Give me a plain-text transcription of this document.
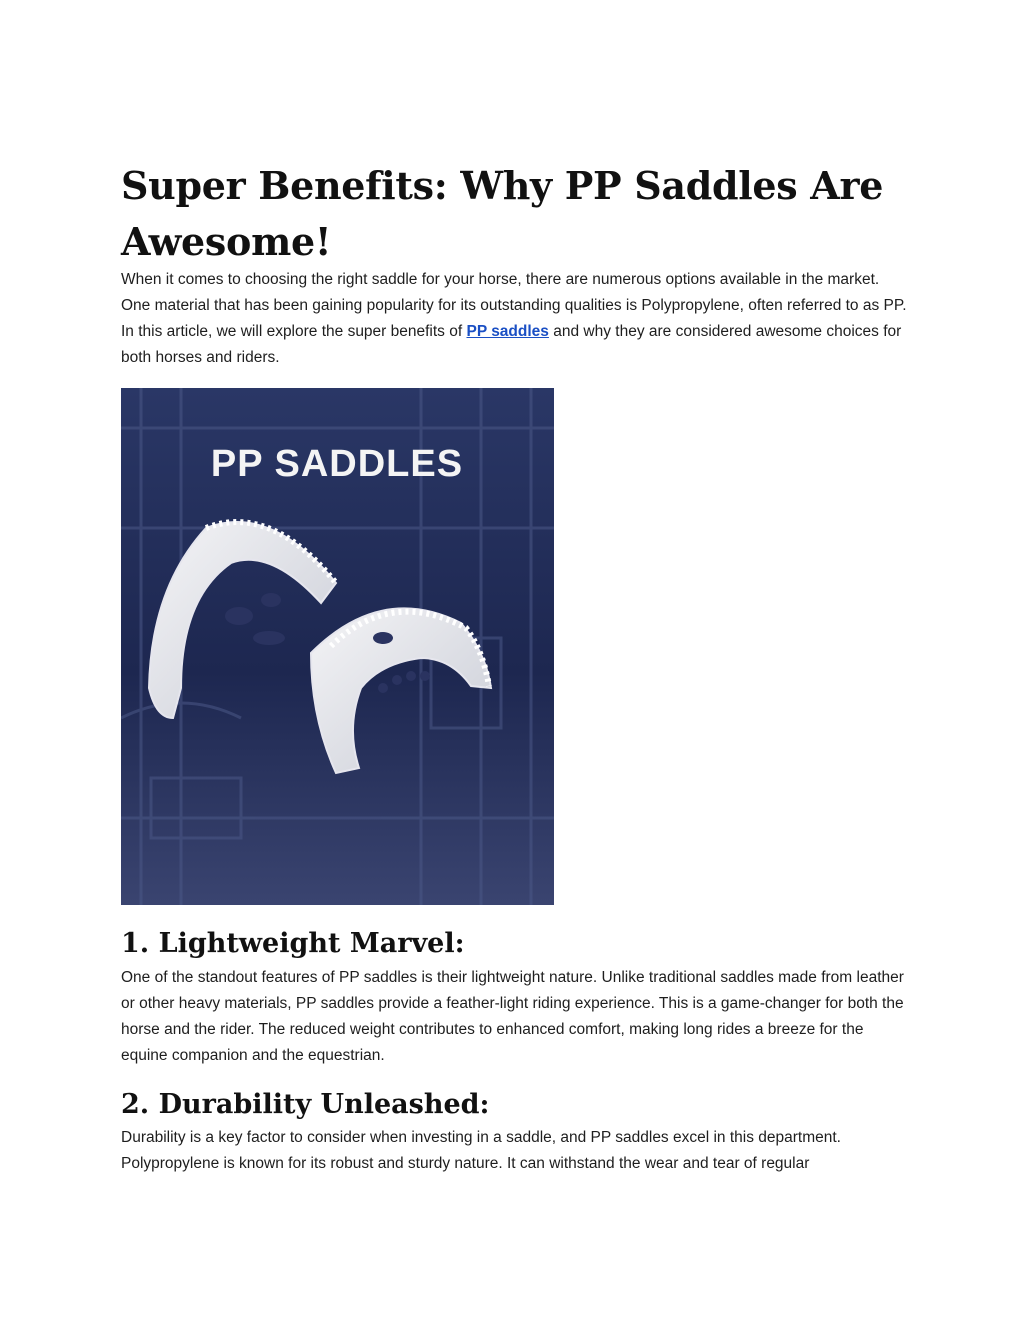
Super Benefits: Why PP Saddles Are Awesome!

When it comes to choosing the right saddle for your horse, there are numerous options available in the market. One material that has been gaining popularity for its outstanding qualities is Polypropylene, often referred to as PP. In this article, we will explore the super benefits of PP saddles and why they are considered awesome choices for both horses and riders.

PP SADDLES
1. Lightweight Marvel:

One of the standout features of PP saddles is their lightweight nature. Unlike traditional saddles made from leather or other heavy materials, PP saddles provide a feather-light riding experience. This is a game-changer for both the horse and the rider. The reduced weight contributes to enhanced comfort, making long rides a breeze for the equine companion and the equestrian.

2. Durability Unleashed:

Durability is a key factor to consider when investing in a saddle, and PP saddles excel in this department. Polypropylene is known for its robust and sturdy nature. It can withstand the wear and tear of regular
